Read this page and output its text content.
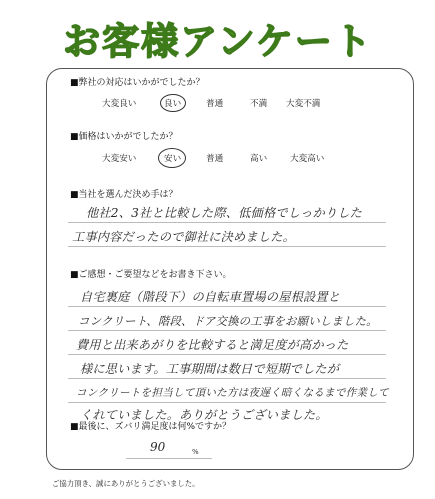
お客様アンケート
■弊社の対応はいかがでしたか？
大変良い	良い	普通	不満 大変不満
■価格はいかがでしたか？
大変安い	安い	普通	高い	大変高い
■当社を選んだ決め手は？
他社2、3社と比較した際、低価格でしっかりした
工事内容だったので御社に決めました。
■ご感想・ご要望などをお書き下さい。
自宅裏庭（階段下）の自転車置場の屋根設置と
コンクリート、階段、ドア交換の工事をお願いしました。
費用と出来あがりを比較すると満足度が高かった
様に思います。工事期間は数日で短期でしたが
コンクリートを担当して頂いた方は夜遅く暗くなるまで作業して
くれていました。ありがとうございました。
■最後に、ズバリ満足度は何%ですか？
90	%
ご協力頂き、誠にありがとうございました。
